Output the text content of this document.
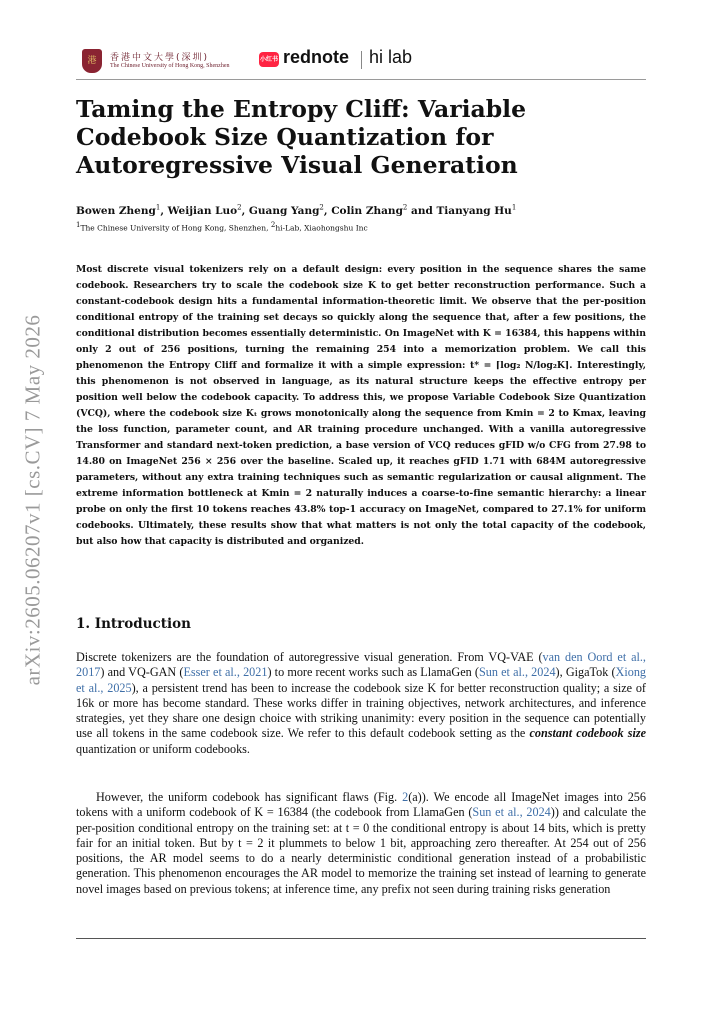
arXiv:2605.06207v1 [cs.CV] 7 May 2026
港	香港中文大學(深圳)
The Chinese University of Hong Kong, Shenzhen
小红书 rednote hi lab
Taming the Entropy Cliff: Variable Codebook Size Quantization for Autoregressive Visual Generation
Bowen Zheng$^1$, Weijian Luo$^2$, Guang Yang$^2$, Colin Zhang$^2$ and Tianyang Hu$^1$
$^1$The Chinese University of Hong Kong, Shenzhen, $^2$hi-Lab, Xiaohongshu Inc

Most discrete visual tokenizers rely on a default design: every position in the sequence shares the same codebook. Researchers try to scale the codebook size K to get better reconstruction performance. Such a constant-codebook design hits a fundamental information-theoretic limit. We observe that the per-position conditional entropy of the training set decays so quickly along the sequence that, after a few positions, the conditional distribution becomes essentially deterministic. On ImageNet with K = 16384, this happens within only 2 out of 256 positions, turning the remaining 254 into a memorization problem. We call this phenomenon the Entropy Cliff and formalize it with a simple expression: t* = ⌈log₂ N/log₂K⌉. Interestingly, this phenomenon is not observed in language, as its natural structure keeps the effective entropy per position well below the codebook capacity. To address this, we propose Variable Codebook Size Quantization (VCQ), where the codebook size Kₜ grows monotonically along the sequence from Kmin = 2 to Kmax, leaving the loss function, parameter count, and AR training procedure unchanged. With a vanilla autoregressive Transformer and standard next-token prediction, a base version of VCQ reduces gFID w/o CFG from 27.98 to 14.80 on ImageNet 256 × 256 over the baseline. Scaled up, it reaches gFID 1.71 with 684M autoregressive parameters, without any extra training techniques such as semantic regularization or causal alignment. The extreme information bottleneck at Kmin = 2 naturally induces a coarse-to-fine semantic hierarchy: a linear probe on only the first 10 tokens reaches 43.8% top-1 accuracy on ImageNet, compared to 27.1% for uniform codebooks. Ultimately, these results show that what matters is not only the total capacity of the codebook, but also how that capacity is distributed and organized.

1. Introduction

Discrete tokenizers are the foundation of autoregressive visual generation. From VQ-VAE (van den Oord et al., 2017) and VQ-GAN (Esser et al., 2021) to more recent works such as LlamaGen (Sun et al., 2024), GigaTok (Xiong et al., 2025), a persistent trend has been to increase the codebook size K for better reconstruction quality; a size of 16k or more has become standard. These works differ in training objectives, network architectures, and inference strategies, yet they share one design choice with striking unanimity: every position in the sequence can potentially use all tokens in the same codebook size. We refer to this default codebook setting as the constant codebook size quantization or uniform codebooks.

However, the uniform codebook has significant flaws (Fig. 2(a)). We encode all ImageNet images into 256 tokens with a uniform codebook of K = 16384 (the codebook from LlamaGen (Sun et al., 2024)) and calculate the per-position conditional entropy on the training set: at t = 0 the conditional entropy is about 14 bits, which is pretty fair for an initial token. But by t = 2 it plummets to below 1 bit, approaching zero thereafter. At 254 out of 256 positions, the AR model seems to do a nearly deterministic conditional generation instead of a probabilistic generation. This phenomenon encourages the AR model to memorize the training set instead of learning to generate novel images based on previous tokens; at inference time, any prefix not seen during training risks generation
